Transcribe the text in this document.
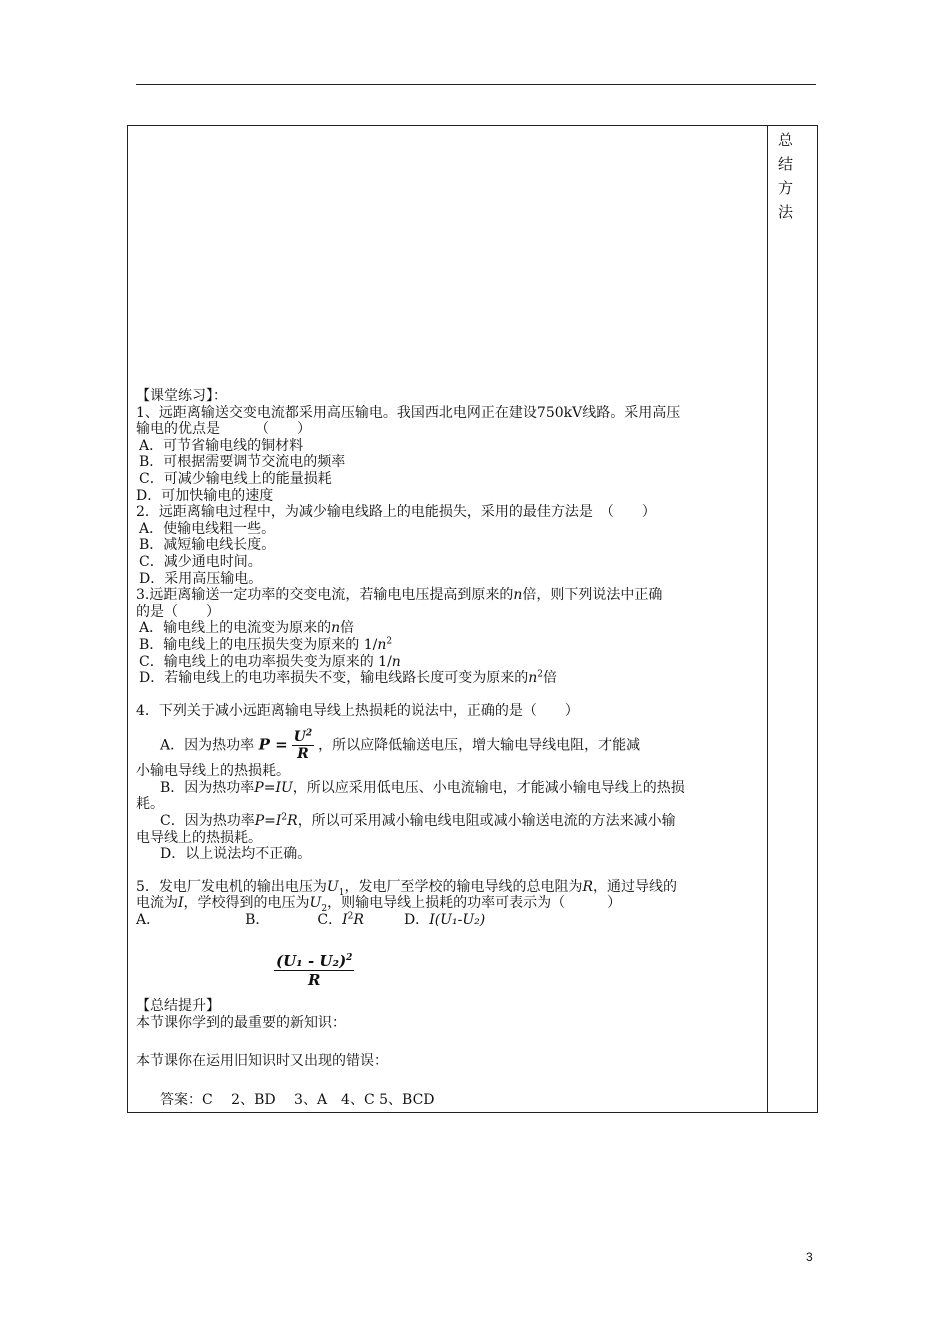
总
结
方
法
【课堂练习】：
1、远距离输送交变电流都采用高压输电。我国西北电网正在建设750kV线路。采用高压
输电的优点是　　　（　　）
A．可节省输电线的铜材料
B．可根据需要调节交流电的频率
C．可减少输电线上的能量损耗
D．可加快输电的速度
2．远距离输电过程中，为减少输电线路上的电能损失，采用的最佳方法是　（　　）
A．使输电线粗一些。
B．减短输电线长度。
C．减少通电时间。
D．采用高压输电。
3.远距离输送一定功率的交变电流，若输电电压提高到原来的n倍，则下列说法中正确
的是（　　）
A．输电线上的电流变为原来的n倍
B．输电线上的电压损失变为原来的 $1/n^2$
C．输电线上的电功率损失变为原来的 1/n
D．若输电线上的电功率损失不变，输电线路长度可变为原来的$n^2$倍
4．下列关于减小远距离输电导线上热损耗的说法中，正确的是（　　）
A．因为热功率 $P = \frac{U^2}{R}$ ，所以应降低输送电压，增大输电导线电阻，才能减
小输电导线上的热损耗。
B．因为热功率P=IU，所以应采用低电压、小电流输电，才能减小输电导线上的热损
耗。
C．因为热功率$P=I^2R$，所以可采用减小输电线电阻或减小输送电流的方法来减小输
电导线上的热损耗。
D．以上说法均不正确。
5．发电厂发电机的输出电压为$U_1$，发电厂至学校的输电导线的总电阻为R，通过导线的
电流为I，学校得到的电压为$U_2$，则输电导线上损耗的功率可表示为（　　　）
A．	B．	C．$I^2R$	D．I(U₁-U₂)
(U₁ - U₂)$^2$
R
【总结提升】
本节课你学到的最重要的新知识：
本节课你在运用旧知识时又出现的错误：
答案：C　 2、BD　 3、A　4、C 5、BCD
3
